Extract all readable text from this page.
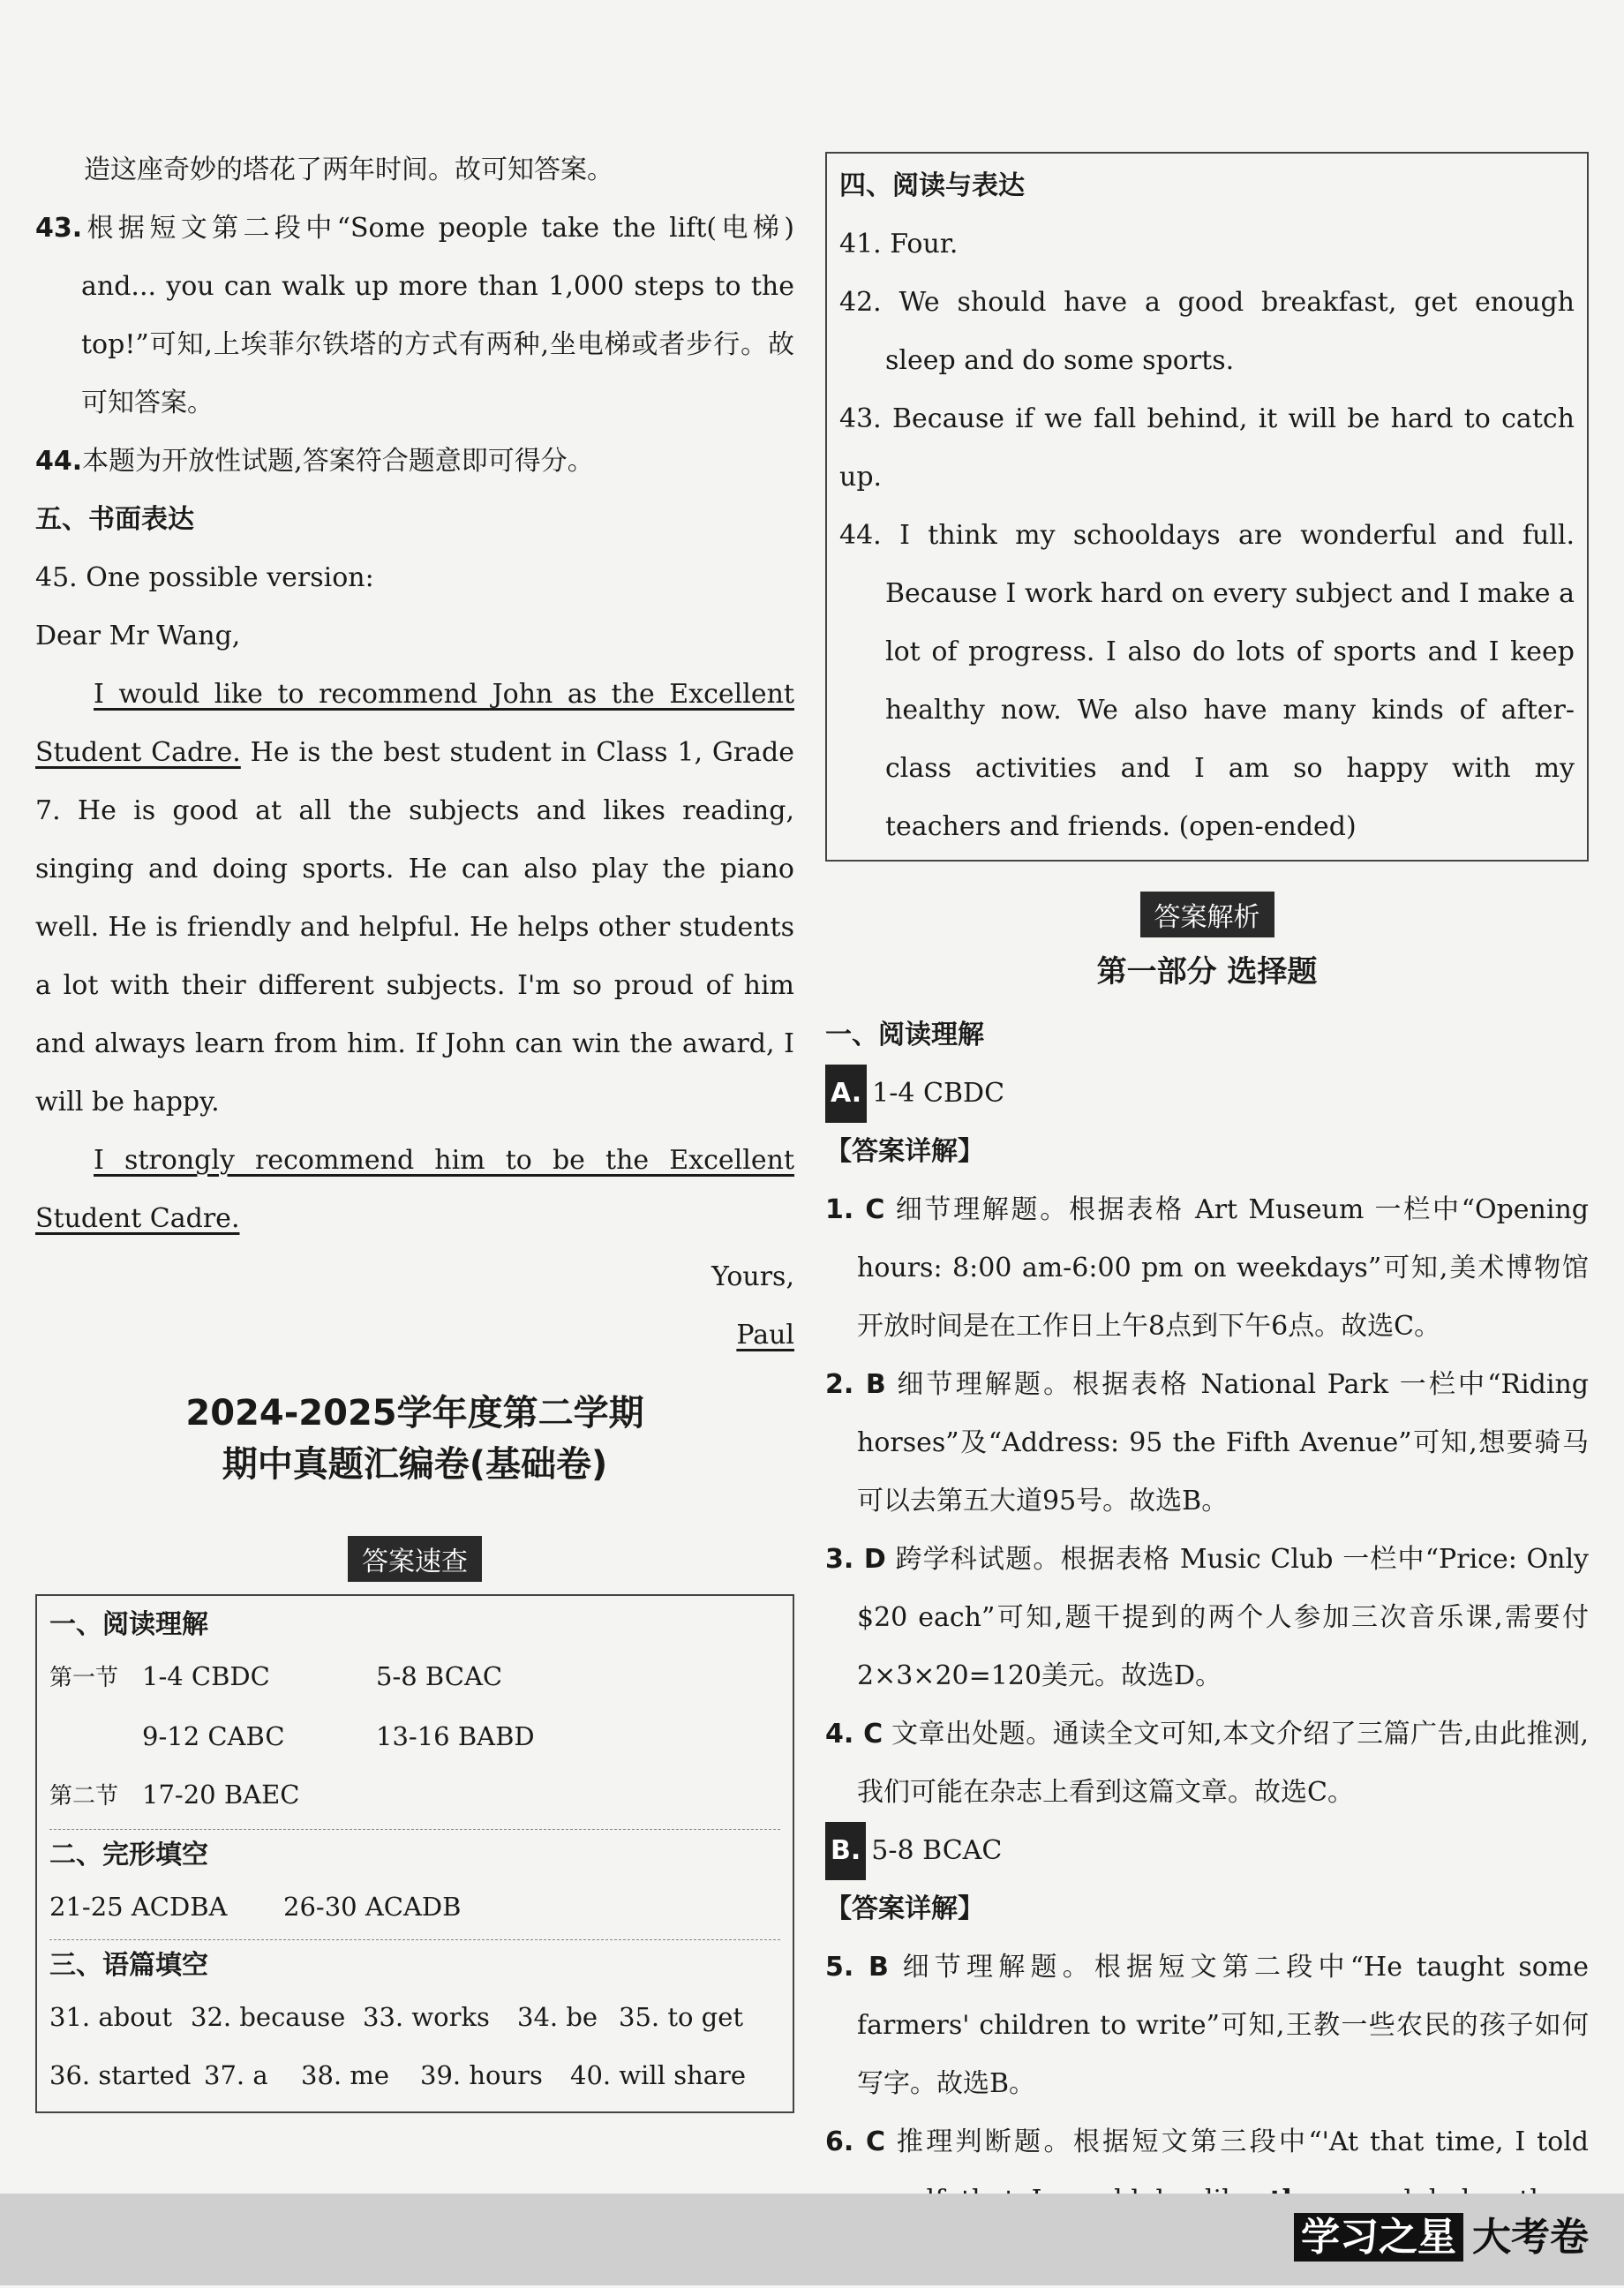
造这座奇妙的塔花了两年时间。故可知答案。

43.根据短文第二段中“Some people take the lift(电梯) and... you can walk up more than 1,000 steps to the top!”可知,上埃菲尔铁塔的方式有两种,坐电梯或者步行。故可知答案。

44.本题为开放性试题,答案符合题意即可得分。

五、书面表达

45. One possible version:

Dear Mr Wang,

I would like to recommend John as the Excellent Student Cadre. He is the best student in Class 1, Grade 7. He is good at all the subjects and likes reading, singing and doing sports. He can also play the piano well. He is friendly and helpful. He helps other students a lot with their different subjects. I'm so proud of him and always learn from him. If John can win the award, I will be happy.

I strongly recommend him to be the Excellent Student Cadre.

Yours,

Paul

2024-2025学年度第二学期

期中真题汇编卷(基础卷)

答案速查

一、阅读理解

第一节 1-4 CBDC	5-8 BCAC

9-12 CABC	13-16 BABD

第二节 17-20 BAEC

二、完形填空

21-25 ACDBA 26-30 ACADB

三、语篇填空

31. about 32. because 33. works 34. be 35. to get

36. started 37. a 38. me 39. hours 40. will share

四、阅读与表达

41. Four.

42. We should have a good breakfast, get enough sleep and do some sports.

43. Because if we fall behind, it will be hard to catch up.

44. I think my schooldays are wonderful and full. Because I work hard on every subject and I make a lot of progress. I also do lots of sports and I keep healthy now. We also have many kinds of after-class activities and I am so happy with my teachers and friends. (open-ended)

答案解析

第一部分 选择题

一、阅读理解

A. 1-4 CBDC

【答案详解】

1. C 细节理解题。根据表格 Art Museum 一栏中“Opening hours: 8:00 am-6:00 pm on weekdays”可知,美术博物馆开放时间是在工作日上午8点到下午6点。故选C。

2. B 细节理解题。根据表格 National Park 一栏中“Riding horses”及“Address: 95 the Fifth Avenue”可知,想要骑马可以去第五大道95号。故选B。

3. D 跨学科试题。根据表格 Music Club 一栏中“Price: Only $20 each”可知,题干提到的两个人参加三次音乐课,需要付2×3×20=120美元。故选D。

4. C 文章出处题。通读全文可知,本文介绍了三篇广告,由此推测,我们可能在杂志上看到这篇文章。故选C。

B. 5-8 BCAC

【答案详解】

5. B 细节理解题。根据短文第二段中“He taught some farmers' children to write”可知,王教一些农民的孩子如何写字。故选B。

6. C 推理判断题。根据短文第三段中“'At that time, I told

学习之星 大考卷
